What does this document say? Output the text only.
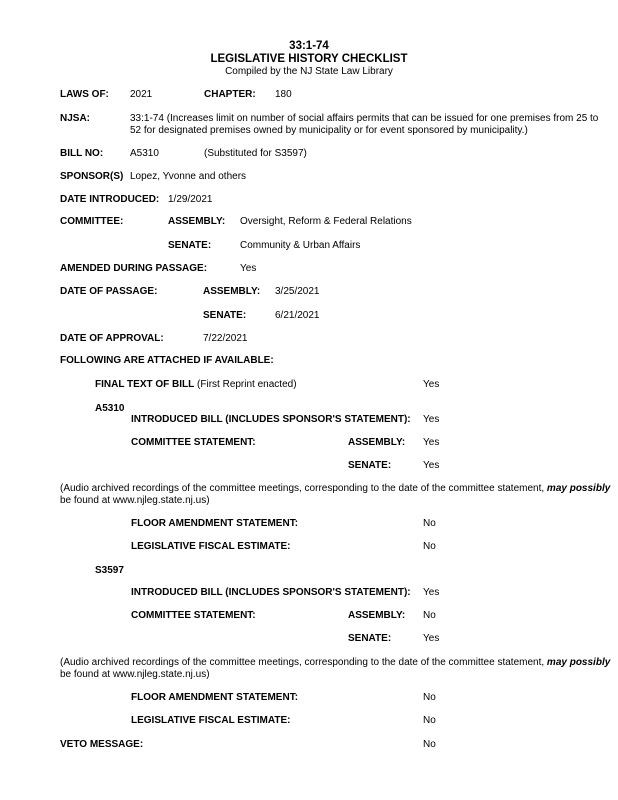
33:1-74
LEGISLATIVE HISTORY CHECKLIST
Compiled by the NJ State Law Library
LAWS OF: 2021	CHAPTER: 180
NJSA:	33:1-74 (Increases limit on number of social affairs permits that can be issued for one premises from 25 to
52 for designated premises owned by municipality or for event sponsored by municipality.)
BILL NO:	A5310	(Substituted for S3597)
SPONSOR(S) Lopez, Yvonne and others
DATE INTRODUCED: 1/29/2021
COMMITTEE:	ASSEMBLY: Oversight, Reform & Federal Relations
SENATE:	Community & Urban Affairs
AMENDED DURING PASSAGE:	Yes
DATE OF PASSAGE:	ASSEMBLY: 3/25/2021
SENATE:	6/21/2021
DATE OF APPROVAL:	7/22/2021
FOLLOWING ARE ATTACHED IF AVAILABLE:
FINAL TEXT OF BILL (First Reprint enacted)	Yes
A5310
INTRODUCED BILL (INCLUDES SPONSOR'S STATEMENT): Yes
COMMITTEE STATEMENT:	ASSEMBLY: Yes
SENATE:	Yes
(Audio archived recordings of the committee meetings, corresponding to the date of the committee statement, may possibly
be found at www.njleg.state.nj.us)
FLOOR AMENDMENT STATEMENT:	No
LEGISLATIVE FISCAL ESTIMATE:	No
S3597
INTRODUCED BILL (INCLUDES SPONSOR'S STATEMENT): Yes
COMMITTEE STATEMENT:	ASSEMBLY: No
SENATE:	Yes
(Audio archived recordings of the committee meetings, corresponding to the date of the committee statement, may possibly
be found at www.njleg.state.nj.us)
FLOOR AMENDMENT STATEMENT:	No
LEGISLATIVE FISCAL ESTIMATE:	No
VETO MESSAGE:	No
